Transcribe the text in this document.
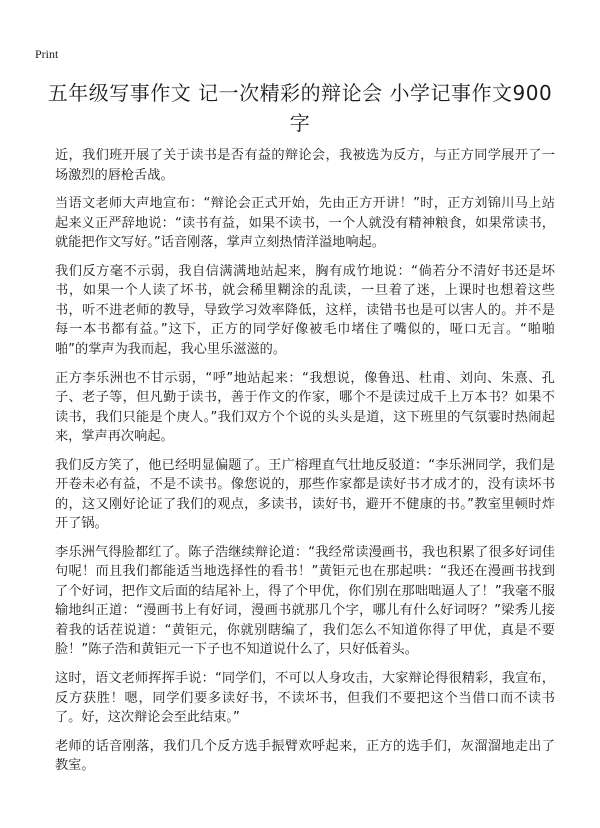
Print
五年级写事作文 记一次精彩的辩论会 小学记事作文900字

近，我们班开展了关于读书是否有益的辩论会，我被选为反方，与正方同学展开了一场激烈的唇枪舌战。

当语文老师大声地宣布：“辩论会正式开始，先由正方开讲！”时，正方刘锦川马上站起来义正严辞地说：“读书有益，如果不读书，一个人就没有精神粮食，如果常读书，就能把作文写好。”话音刚落，掌声立刻热情洋溢地响起。

我们反方毫不示弱，我自信满满地站起来，胸有成竹地说：“倘若分不清好书还是坏书，如果一个人读了坏书，就会稀里糊涂的乱读，一旦着了迷，上课时也想着这些书，听不进老师的教导，导致学习效率降低，这样，读错书也是可以害人的。并不是每一本书都有益。”这下，正方的同学好像被毛巾堵住了嘴似的，哑口无言。“啪啪啪”的掌声为我而起，我心里乐滋滋的。

正方李乐洲也不甘示弱，“呼”地站起来：“我想说，像鲁迅、杜甫、刘向、朱熹、孔子、老子等，但凡勤于读书，善于作文的作家，哪个不是读过成千上万本书？如果不读书，我们只能是个庚人。”我们双方个个说的头头是道，这下班里的气氛霎时热闹起来，掌声再次响起。

我们反方笑了，他已经明显偏题了。王广榕理直气壮地反驳道：“李乐洲同学，我们是开卷未必有益，不是不读书。像您说的，那些作家都是读好书才成才的，没有读坏书的，这又刚好论证了我们的观点，多读书，读好书，避开不健康的书。”教室里顿时炸开了锅。

李乐洲气得脸都红了。陈子浩继续辩论道：“我经常读漫画书，我也积累了很多好词佳句呢！而且我们都能适当地选择性的看书！”黄钜元也在那起哄：“我还在漫画书找到了个好词，把作文后面的结尾补上，得了个甲优，你们别在那咄咄逼人了！”我毫不服输地纠正道：“漫画书上有好词，漫画书就那几个字，哪儿有什么好词呀？”梁秀儿接着我的话茬说道：“黄钜元，你就别瞎编了，我们怎么不知道你得了甲优，真是不要脸！”陈子浩和黄钜元一下子也不知道说什么了，只好低着头。

这时，语文老师挥挥手说：“同学们，不可以人身攻击，大家辩论得很精彩，我宣布，反方获胜！嗯，同学们要多读好书，不读坏书，但我们不要把这个当借口而不读书了。好，这次辩论会至此结束。”

老师的话音刚落，我们几个反方选手振臂欢呼起来，正方的选手们，灰溜溜地走出了教室。
